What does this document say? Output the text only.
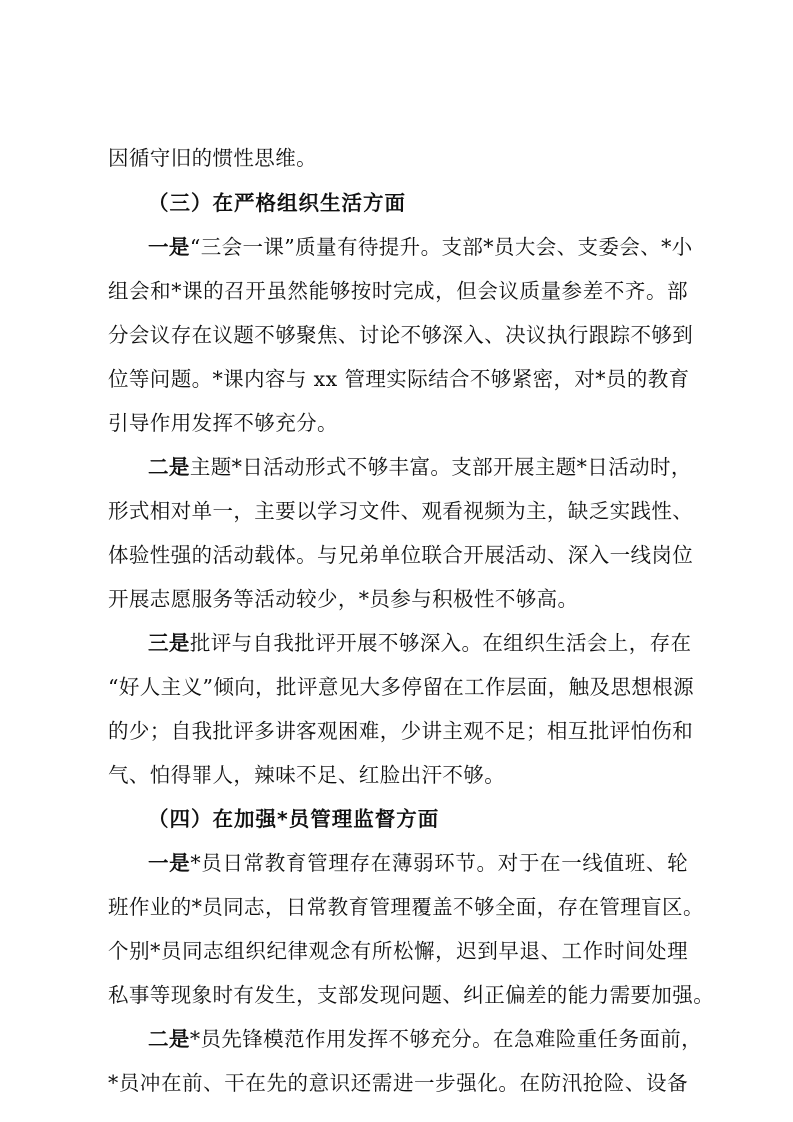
因循守旧的惯性思维。
（三）在严格组织生活方面
一是“三会一课”质量有待提升。支部*员大会、支委会、*小
组会和*课的召开虽然能够按时完成，但会议质量参差不齐。部
分会议存在议题不够聚焦、讨论不够深入、决议执行跟踪不够到
位等问题。*课内容与 xx 管理实际结合不够紧密，对*员的教育
引导作用发挥不够充分。
二是主题*日活动形式不够丰富。支部开展主题*日活动时，
形式相对单一，主要以学习文件、观看视频为主，缺乏实践性、
体验性强的活动载体。与兄弟单位联合开展活动、深入一线岗位
开展志愿服务等活动较少，*员参与积极性不够高。
三是批评与自我批评开展不够深入。在组织生活会上，存在
“好人主义”倾向，批评意见大多停留在工作层面，触及思想根源
的少；自我批评多讲客观困难，少讲主观不足；相互批评怕伤和
气、怕得罪人，辣味不足、红脸出汗不够。
（四）在加强*员管理监督方面
一是*员日常教育管理存在薄弱环节。对于在一线值班、轮
班作业的*员同志，日常教育管理覆盖不够全面，存在管理盲区。
个别*员同志组织纪律观念有所松懈，迟到早退、工作时间处理
私事等现象时有发生，支部发现问题、纠正偏差的能力需要加强。
二是*员先锋模范作用发挥不够充分。在急难险重任务面前，
*员冲在前、干在先的意识还需进一步强化。在防汛抢险、设备
